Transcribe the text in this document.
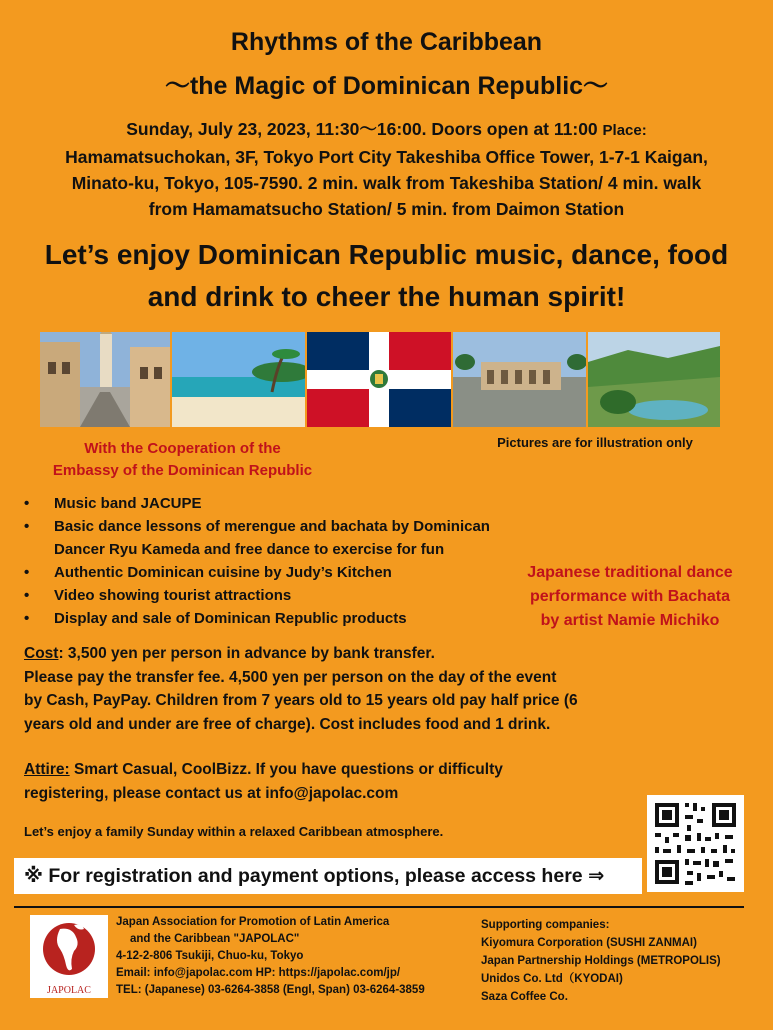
Rhythms of the Caribbean
～the Magic of Dominican Republic～
Sunday, July 23, 2023, 11:30～16:00. Doors open at 11:00 Place:
Hamamatsuchokan, 3F, Tokyo Port City Takeshiba Office Tower, 1-7-1 Kaigan,
Minato-ku, Tokyo, 105-7590. 2 min. walk from Takeshiba Station/ 4 min. walk
from Hamamatsucho Station/ 5 min. from Daimon Station
Let’s enjoy Dominican Republic music, dance, food
and drink to cheer the human spirit!
With the Cooperation of the
Embassy of the Dominican Republic
Pictures are for illustration only
•	Music band JACUPE
•	Basic dance lessons of merengue and bachata by Dominican
Dancer Ryu Kameda and free dance to exercise for fun
•	Authentic Dominican cuisine by Judy’s Kitchen
•	Video showing tourist attractions
•	Display and sale of Dominican Republic products
Japanese traditional dance
performance with Bachata
by artist Namie Michiko
Cost: 3,500 yen per person in advance by bank transfer.
Please pay the transfer fee. 4,500 yen per person on the day of the event
by Cash, PayPay. Children from 7 years old to 15 years old pay half price (6
years old and under are free of charge). Cost includes food and 1 drink.
Attire: Smart Casual, CoolBizz. If you have questions or difficulty
registering, please contact us at info@japolac.com
Let’s enjoy a family Sunday within a relaxed Caribbean atmosphere.
※ For registration and payment options, please access here ⇒
JAPOLAC
Japan Association for Promotion of Latin America
and the Caribbean "JAPOLAC"
4-12-2-806 Tsukiji, Chuo-ku, Tokyo
Email: info@japolac.com HP: https://japolac.com/jp/
TEL: (Japanese) 03-6264-3858 (Engl, Span) 03-6264-3859
Supporting companies:
Kiyomura Corporation (SUSHI ZANMAI)
Japan Partnership Holdings (METROPOLIS)
Unidos Co. Ltd（KYODAI)
Saza Coffee Co.
